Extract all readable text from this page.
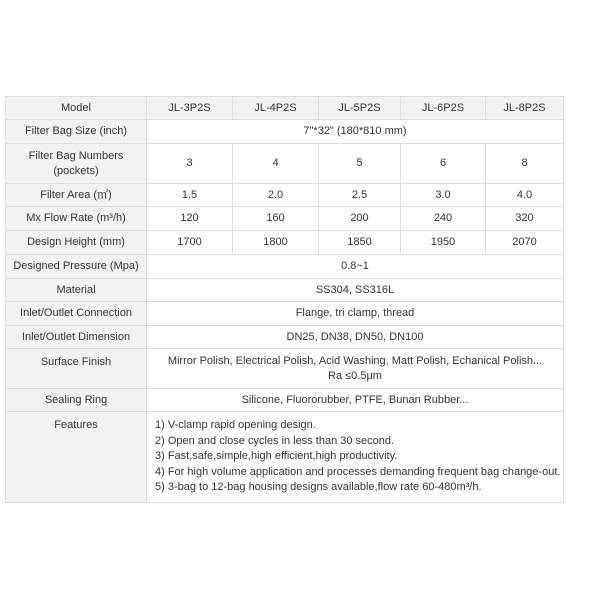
Model	JL-3P2S	JL-4P2S	JL-5P2S	JL-6P2S	JL-8P2S
Filter Bag Size (inch)	7"*32" (180*810 mm)				
Filter Bag Numbers
(pockets)	3	4	5	6	8
Filter Area (㎡)	1.5	2.0	2.5	3.0	4.0
Mx Flow Rate (m³/h)	120	160	200	240	320
Design Height (mm)	1700	1800	1850	1950	2070
Designed Pressure (Mpa)	0.8~1				
Material	SS304, SS316L				
Inlet/Outlet Connection	Flange, tri clamp, thread				
Inlet/Outlet Dimension	DN25, DN38, DN50, DN100				
Surface Finish	Mirror Polish, Electrical Polish, Acid Washing, Matt Polish, Echanical Polish...
Ra ≤0.5μm				
Sealing Ring	Silicone, Fluororubber, PTFE, Bunan Rubber...				
Features	1) V-clamp rapid opening design.
2) Open and close cycles in less than 30 second.
3) Fast,safe,simple,high efficient,high productivity.
4) For high volume application and processes demanding frequent bag change-out.
5) 3-bag to 12-bag housing designs available,flow rate 60-480m³/h.				
